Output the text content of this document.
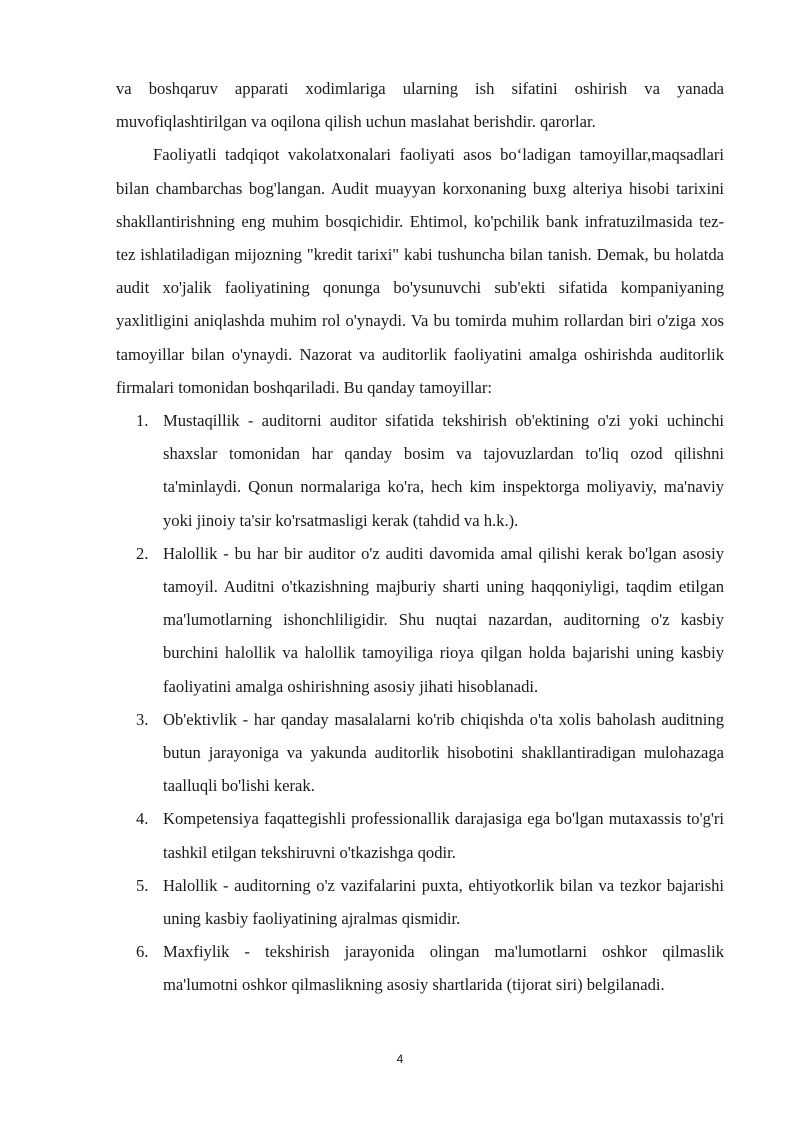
va boshqaruv apparati xodimlariga ularning ish sifatini oshirish va yanada muvofiqlashtirilgan va oqilona qilish uchun maslahat berishdir. qarorlar.

Faoliyatli tadqiqot vakolatxonalari faoliyati asos bo‘ladigan tamoyillar,maqsadlari bilan chambarchas bog'langan. Audit muayyan korxonaning buxg alteriya hisobi tarixini shakllantirishning eng muhim bosqichidir. Ehtimol, ko'pchilik bank infratuzilmasida tez-tez ishlatiladigan mijozning "kredit tarixi" kabi tushuncha bilan tanish. Demak, bu holatda audit xo'jalik faoliyatining qonunga bo'ysunuvchi sub'ekti sifatida kompaniyaning yaxlitligini aniqlashda muhim rol o'ynaydi. Va bu tomirda muhim rollardan biri o'ziga xos tamoyillar bilan o'ynaydi. Nazorat va auditorlik faoliyatini amalga oshirishda auditorlik firmalari tomonidan boshqariladi. Bu qanday tamoyillar:

1. Mustaqillik - auditorni auditor sifatida tekshirish ob'ektining o'zi yoki uchinchi shaxslar tomonidan har qanday bosim va tajovuzlardan to'liq ozod qilishni ta'minlaydi. Qonun normalariga ko'ra, hech kim inspektorga moliyaviy, ma'naviy yoki jinoiy ta'sir ko'rsatmasligi kerak (tahdid va h.k.).
2. Halollik - bu har bir auditor o'z auditi davomida amal qilishi kerak bo'lgan asosiy tamoyil. Auditni o'tkazishning majburiy sharti uning haqqoniyligi, taqdim etilgan ma'lumotlarning ishonchliligidir. Shu nuqtai nazardan, auditorning o'z kasbiy burchini halollik va halollik tamoyiliga rioya qilgan holda bajarishi uning kasbiy faoliyatini amalga oshirishning asosiy jihati hisoblanadi.
3. Ob'ektivlik - har qanday masalalarni ko'rib chiqishda o'ta xolis baholash auditning butun jarayoniga va yakunda auditorlik hisobotini shakllantiradigan mulohazaga taalluqli bo'lishi kerak.
4. Kompetensiya faqattegishli professionallik darajasiga ega bo'lgan mutaxassis to'g'ri tashkil etilgan tekshiruvni o'tkazishga qodir.
5. Halollik - auditorning o'z vazifalarini puxta, ehtiyotkorlik bilan va tezkor bajarishi uning kasbiy faoliyatining ajralmas qismidir.
6. Maxfiylik - tekshirish jarayonida olingan ma'lumotlarni oshkor qilmaslik ma'lumotni oshkor qilmaslikning asosiy shartlarida (tijorat siri) belgilanadi.
4
